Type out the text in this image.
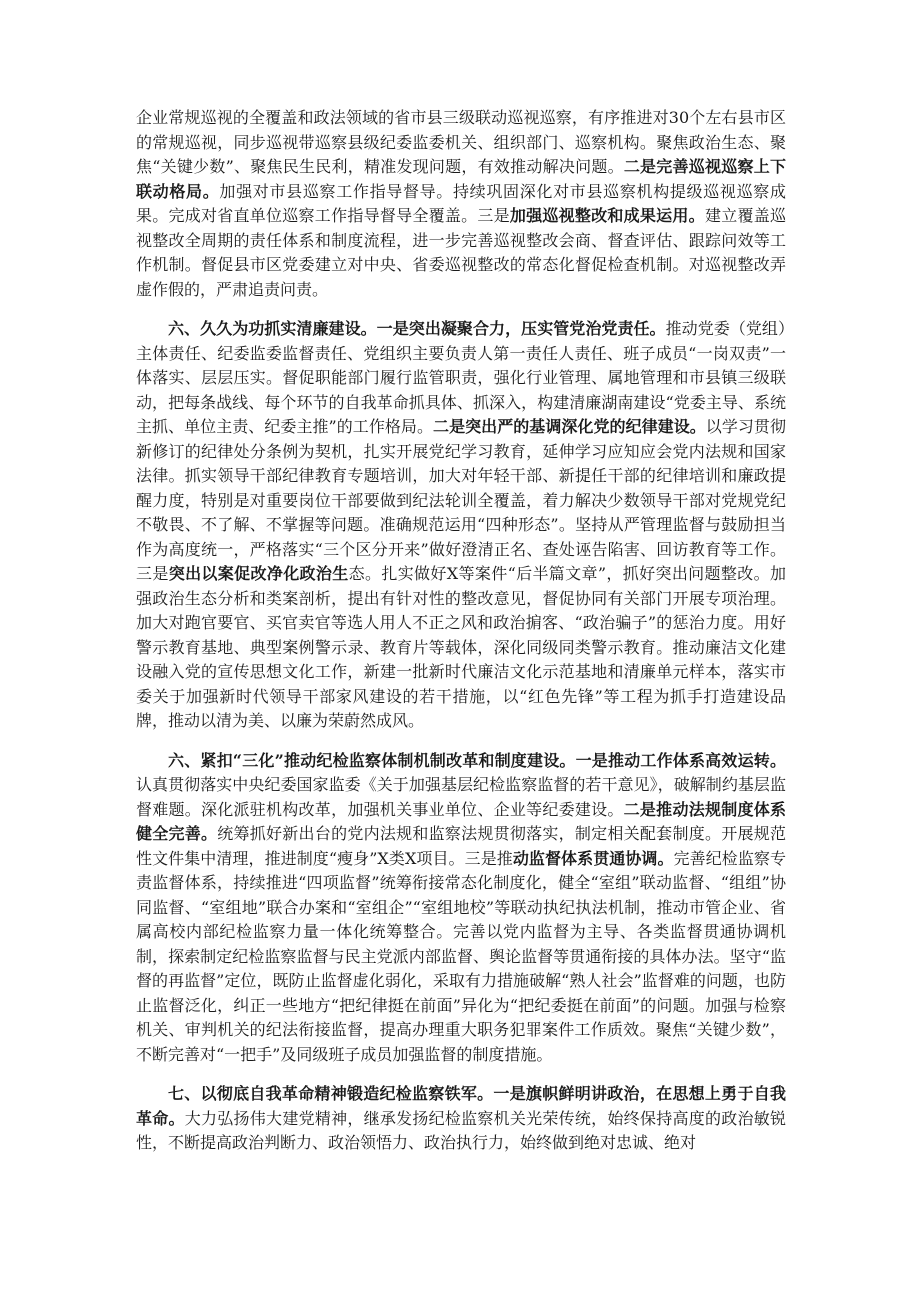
企业常规巡视的全覆盖和政法领域的省市县三级联动巡视巡察，有序推进对30个左右县市区的常规巡视，同步巡视带巡察县级纪委监委机关、组织部门、巡察机构。聚焦政治生态、聚焦“关键少数”、聚焦民生民利，精准发现问题，有效推动解决问题。二是完善巡视巡察上下联动格局。加强对市县巡察工作指导督导。持续巩固深化对市县巡察机构提级巡视巡察成果。完成对省直单位巡察工作指导督导全覆盖。三是加强巡视整改和成果运用。建立覆盖巡视整改全周期的责任体系和制度流程，进一步完善巡视整改会商、督查评估、跟踪问效等工作机制。督促县市区党委建立对中央、省委巡视整改的常态化督促检查机制。对巡视整改弄虚作假的，严肃追责问责。

六、久久为功抓实清廉建设。一是突出凝聚合力，压实管党治党责任。推动党委（党组）主体责任、纪委监委监督责任、党组织主要负责人第一责任人责任、班子成员“一岗双责”一体落实、层层压实。督促职能部门履行监管职责，强化行业管理、属地管理和市县镇三级联动，把每条战线、每个环节的自我革命抓具体、抓深入，构建清廉湖南建设“党委主导、系统主抓、单位主责、纪委主推”的工作格局。二是突出严的基调深化党的纪律建设。以学习贯彻新修订的纪律处分条例为契机，扎实开展党纪学习教育，延伸学习应知应会党内法规和国家法律。抓实领导干部纪律教育专题培训，加大对年轻干部、新提任干部的纪律培训和廉政提醒力度，特别是对重要岗位干部要做到纪法轮训全覆盖，着力解决少数领导干部对党规党纪不敬畏、不了解、不掌握等问题。准确规范运用“四种形态”。坚持从严管理监督与鼓励担当作为高度统一，严格落实“三个区分开来”做好澄清正名、查处诬告陷害、回访教育等工作。三是突出以案促改净化政治生态。扎实做好X等案件“后半篇文章”，抓好突出问题整改。加强政治生态分析和类案剖析，提出有针对性的整改意见，督促协同有关部门开展专项治理。加大对跑官要官、买官卖官等选人用人不正之风和政治掮客、“政治骗子”的惩治力度。用好警示教育基地、典型案例警示录、教育片等载体，深化同级同类警示教育。推动廉洁文化建设融入党的宣传思想文化工作，新建一批新时代廉洁文化示范基地和清廉单元样本，落实市委关于加强新时代领导干部家风建设的若干措施，以“红色先锋”等工程为抓手打造建设品牌，推动以清为美、以廉为荣蔚然成风。

六、紧扣“三化”推动纪检监察体制机制改革和制度建设。一是推动工作体系高效运转。认真贯彻落实中央纪委国家监委《关于加强基层纪检监察监督的若干意见》，破解制约基层监督难题。深化派驻机构改革，加强机关事业单位、企业等纪委建设。二是推动法规制度体系健全完善。统筹抓好新出台的党内法规和监察法规贯彻落实，制定相关配套制度。开展规范性文件集中清理，推进制度“瘦身”X类X项目。三是推动监督体系贯通协调。完善纪检监察专责监督体系，持续推进“四项监督”统筹衔接常态化制度化，健全“室组”联动监督、“组组”协同监督、“室组地”联合办案和“室组企”“室组地校”等联动执纪执法机制，推动市管企业、省属高校内部纪检监察力量一体化统筹整合。完善以党内监督为主导、各类监督贯通协调机制，探索制定纪检监察监督与民主党派内部监督、舆论监督等贯通衔接的具体办法。坚守“监督的再监督”定位，既防止监督虚化弱化，采取有力措施破解“熟人社会”监督难的问题，也防止监督泛化，纠正一些地方“把纪律挺在前面”异化为“把纪委挺在前面”的问题。加强与检察机关、审判机关的纪法衔接监督，提高办理重大职务犯罪案件工作质效。聚焦“关键少数”，不断完善对“一把手”及同级班子成员加强监督的制度措施。

七、以彻底自我革命精神锻造纪检监察铁军。一是旗帜鲜明讲政治，在思想上勇于自我革命。大力弘扬伟大建党精神，继承发扬纪检监察机关光荣传统，始终保持高度的政治敏锐性，不断提高政治判断力、政治领悟力、政治执行力，始终做到绝对忠诚、绝对
